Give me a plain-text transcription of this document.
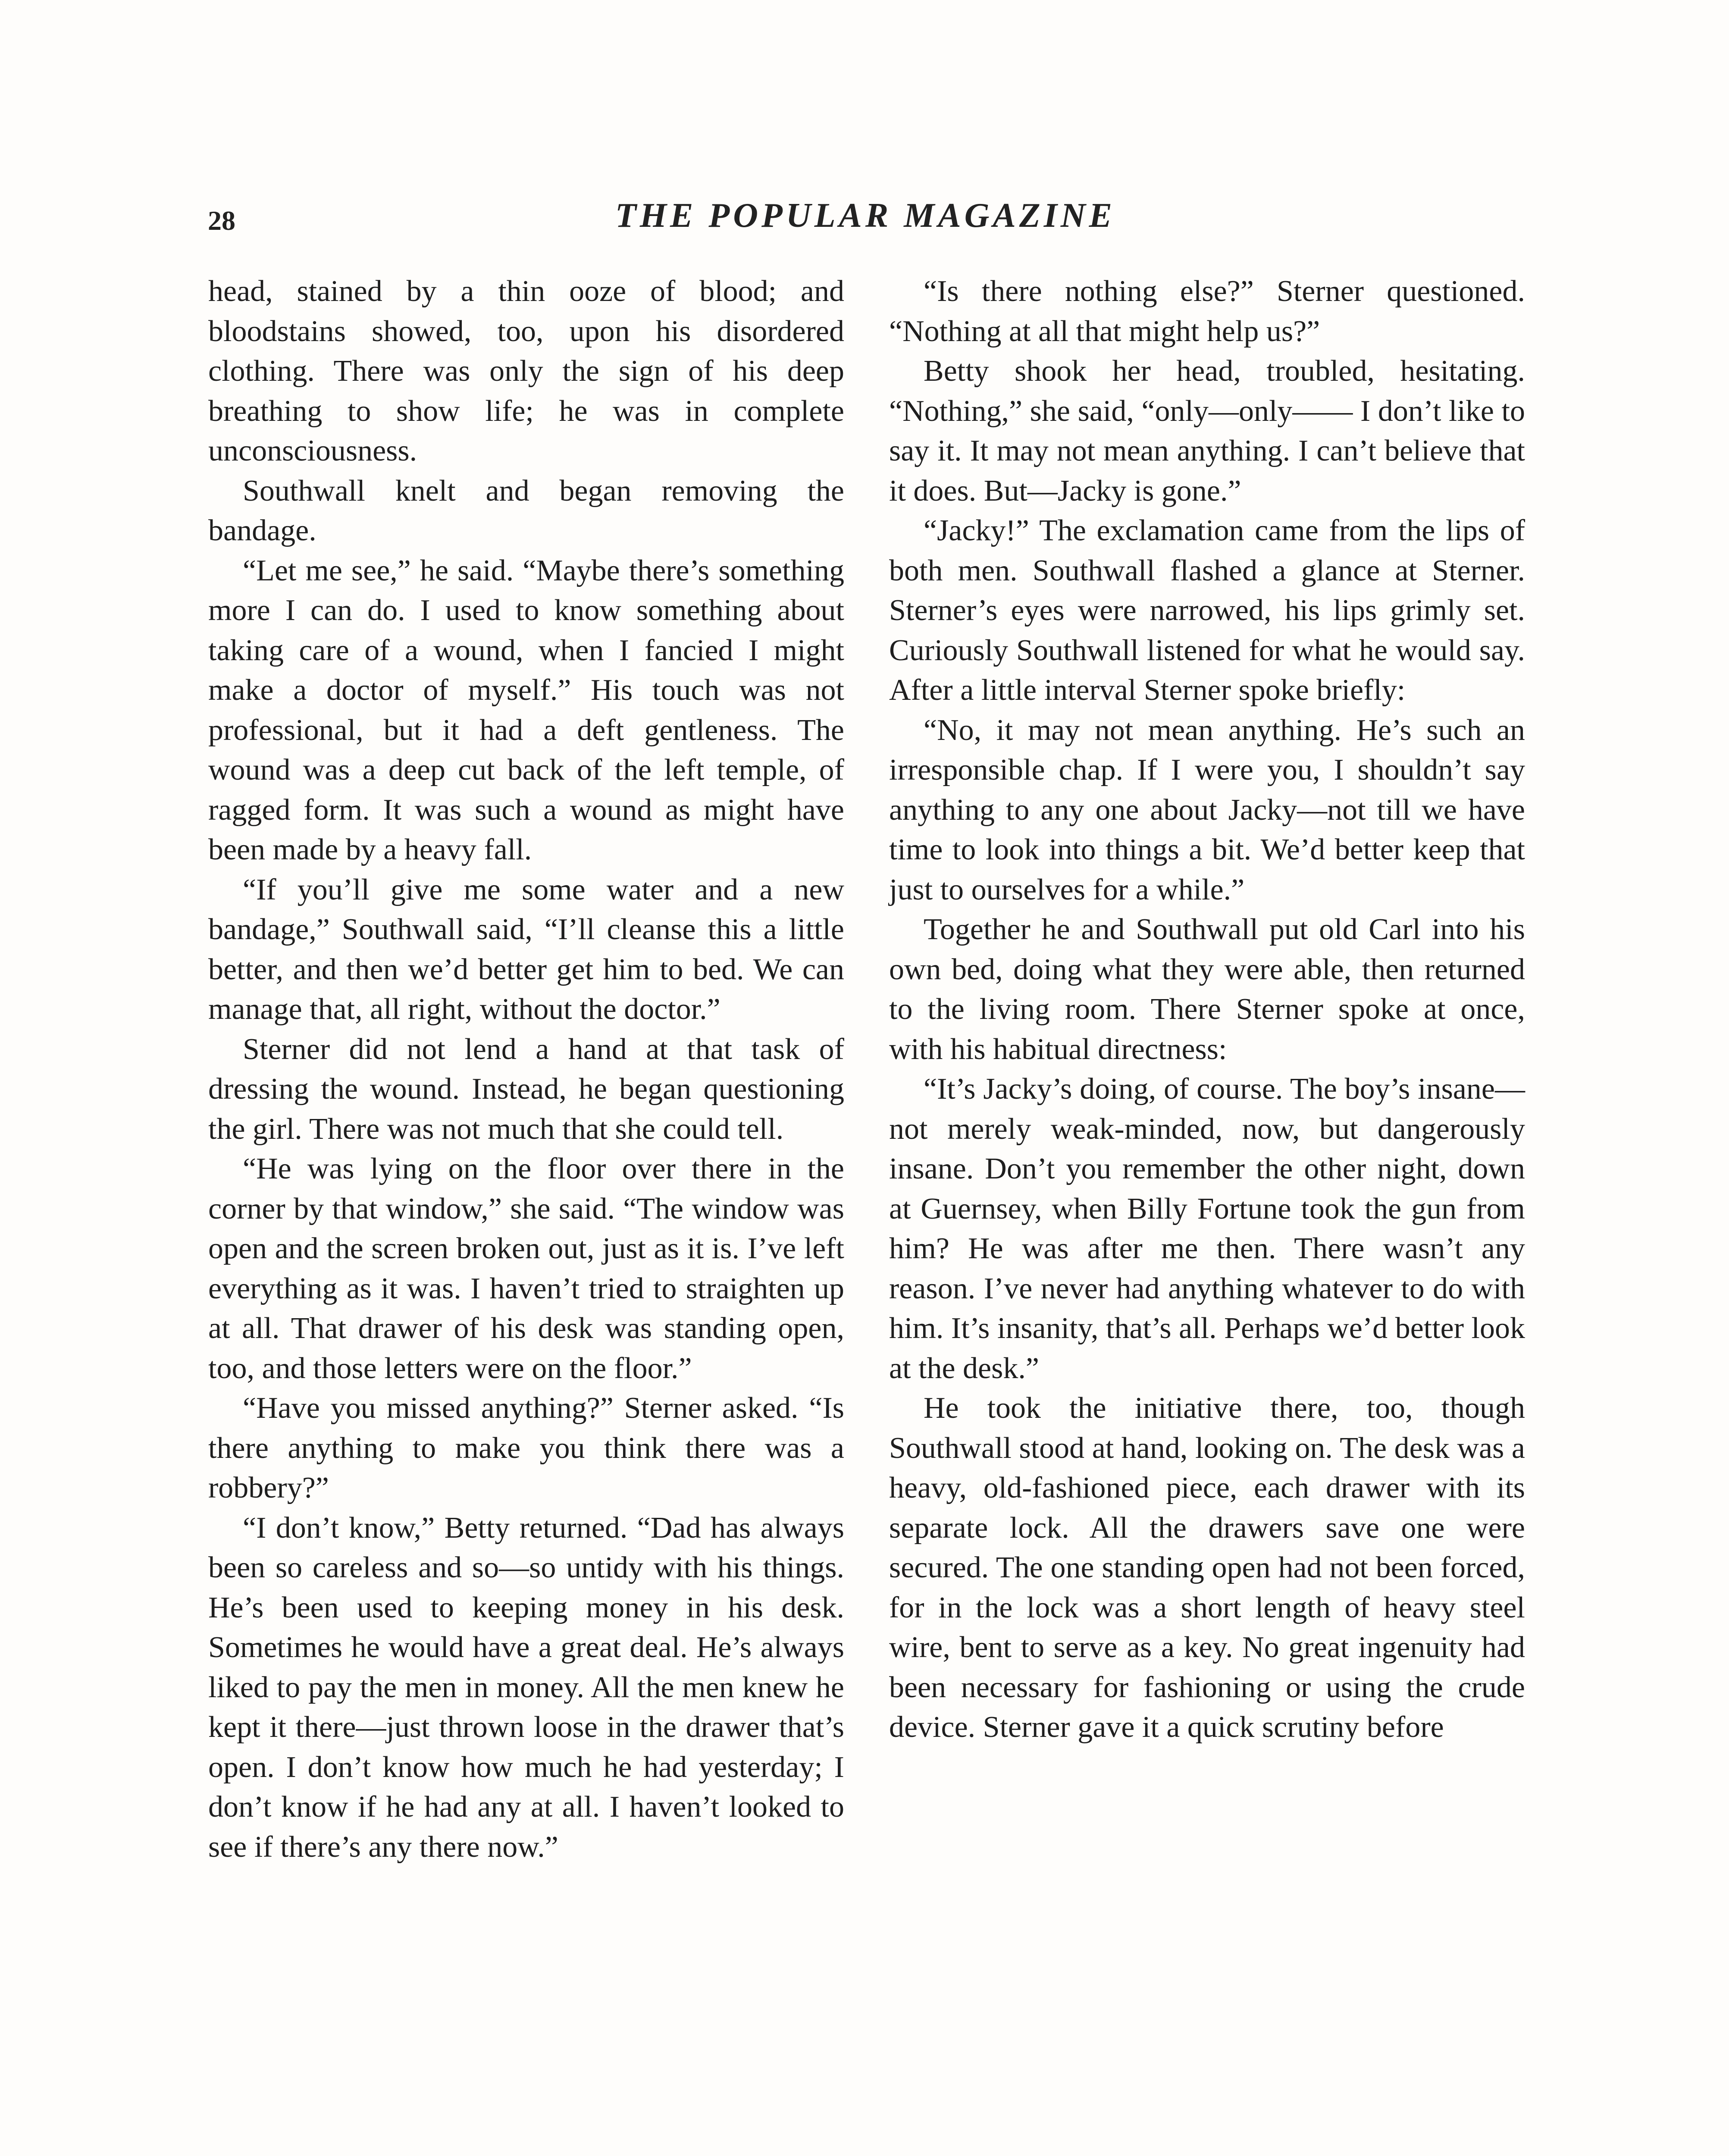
28	THE POPULAR MAGAZINE

head, stained by a thin ooze of blood; and bloodstains showed, too, upon his disordered clothing. There was only the sign of his deep breathing to show life; he was in complete unconsciousness.

Southwall knelt and began removing the bandage.

“Let me see,” he said. “Maybe there’s something more I can do. I used to know something about taking care of a wound, when I fancied I might make a doctor of myself.” His touch was not professional, but it had a deft gentleness. The wound was a deep cut back of the left temple, of ragged form. It was such a wound as might have been made by a heavy fall.

“If you’ll give me some water and a new bandage,” Southwall said, “I’ll cleanse this a little better, and then we’d better get him to bed. We can manage that, all right, without the doctor.”

Sterner did not lend a hand at that task of dressing the wound. Instead, he began questioning the girl. There was not much that she could tell.

“He was lying on the floor over there in the corner by that window,” she said. “The window was open and the screen broken out, just as it is. I’ve left everything as it was. I haven’t tried to straighten up at all. That drawer of his desk was standing open, too, and those letters were on the floor.”

“Have you missed anything?” Sterner asked. “Is there anything to make you think there was a robbery?”

“I don’t know,” Betty returned. “Dad has always been so careless and so—so untidy with his things. He’s been used to keeping money in his desk. Sometimes he would have a great deal. He’s always liked to pay the men in money. All the men knew he kept it there—just thrown loose in the drawer that’s open. I don’t know how much he had yesterday; I don’t know if he had any at all. I haven’t looked to see if there’s any there now.”

“Is there nothing else?” Sterner questioned. “Nothing at all that might help us?”

Betty shook her head, troubled, hesitating. “Nothing,” she said, “only—only—— I don’t like to say it. It may not mean anything. I can’t believe that it does. But—Jacky is gone.”

“Jacky!” The exclamation came from the lips of both men. Southwall flashed a glance at Sterner. Sterner’s eyes were narrowed, his lips grimly set. Curiously Southwall listened for what he would say. After a little interval Sterner spoke briefly:

“No, it may not mean anything. He’s such an irresponsible chap. If I were you, I shouldn’t say anything to any one about Jacky—not till we have time to look into things a bit. We’d better keep that just to ourselves for a while.”

Together he and Southwall put old Carl into his own bed, doing what they were able, then returned to the living room. There Sterner spoke at once, with his habitual directness:

“It’s Jacky’s doing, of course. The boy’s insane—not merely weak-minded, now, but dangerously insane. Don’t you remember the other night, down at Guernsey, when Billy Fortune took the gun from him? He was after me then. There wasn’t any reason. I’ve never had anything whatever to do with him. It’s insanity, that’s all. Perhaps we’d better look at the desk.”

He took the initiative there, too, though Southwall stood at hand, looking on. The desk was a heavy, old-fashioned piece, each drawer with its separate lock. All the drawers save one were secured. The one standing open had not been forced, for in the lock was a short length of heavy steel wire, bent to serve as a key. No great ingenuity had been necessary for fashioning or using the crude device. Sterner gave it a quick scrutiny before
